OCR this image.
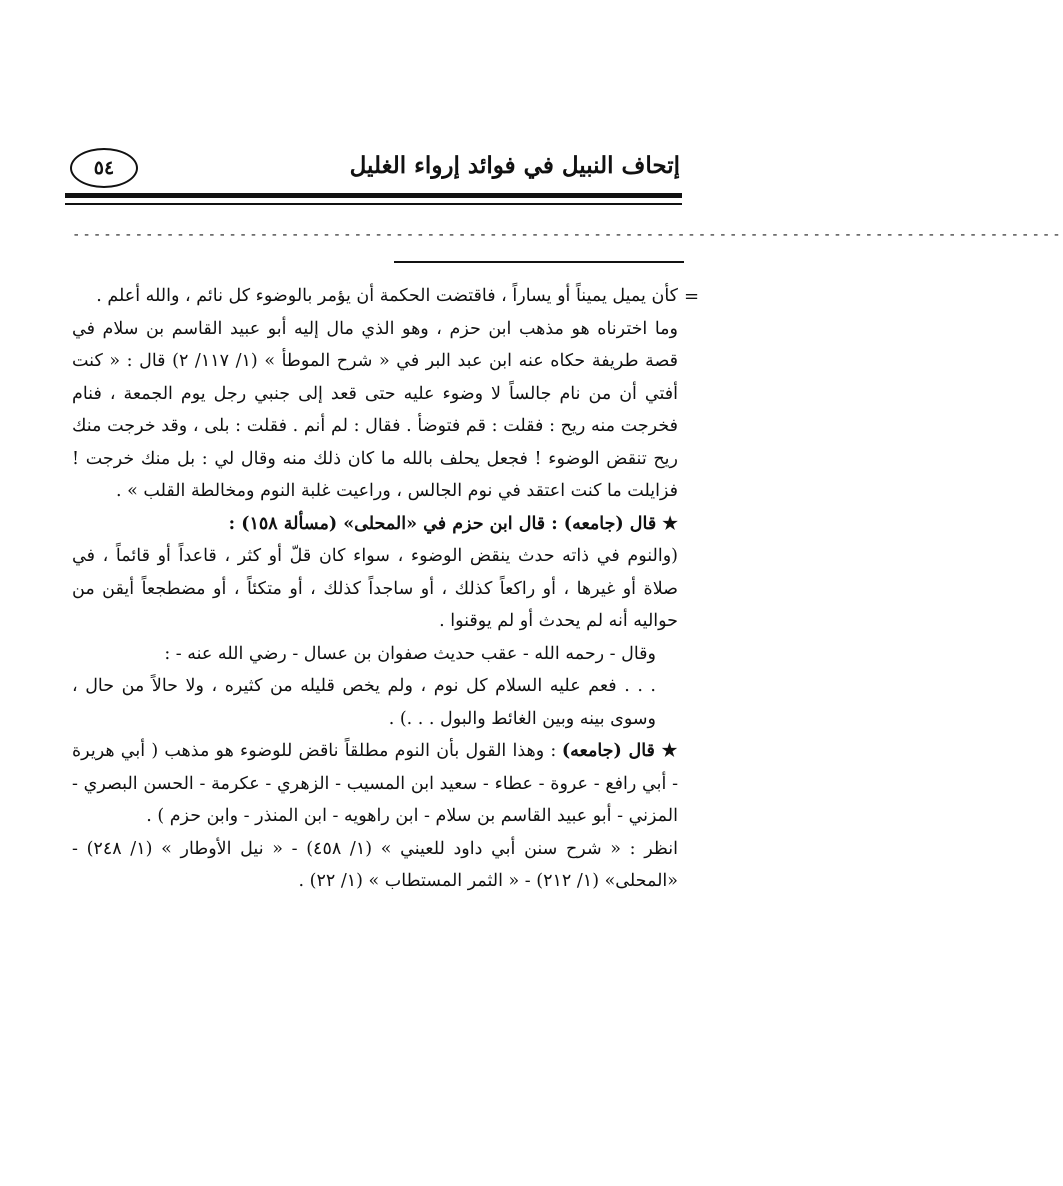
٥٤	إتحاف النبيل في فوائد إرواء الغليل
-----------------------------------------------------------------------------------------------
=

كأن يميل يميناً أو يساراً ، فاقتضت الحكمة أن يؤمر بالوضوء كل نائم ، والله أعلم .

وما اخترناه هو مذهب ابن حزم ، وهو الذي مال إليه أبو عبيد القاسم بن سلام في قصة طريفة حكاه عنه ابن عبد البر في « شرح الموطأ » (١/ ١١٧/ ٢) قال : « كنت أفتي أن من نام جالساً لا وضوء عليه حتى قعد إلى جنبي رجل يوم الجمعة ، فنام فخرجت منه ريح : فقلت : قم فتوضأ . فقال : لم أنم . فقلت : بلى ، وقد خرجت منك ريح تنقض الوضوء ! فجعل يحلف بالله ما كان ذلك منه وقال لي : بل منك خرجت ! فزايلت ما كنت اعتقد في نوم الجالس ، وراعيت غلبة النوم ومخالطة القلب » .

★ قال (جامعه) : قال ابن حزم في «المحلى» (مسألة ١٥٨) :

(والنوم في ذاته حدث ينقض الوضوء ، سواء كان قلّ أو كثر ، قاعداً أو قائماً ، في صلاة أو غيرها ، أو راكعاً كذلك ، أو ساجداً كذلك ، أو متكئاً ، أو مضطجعاً أيقن من حواليه أنه لم يحدث أو لم يوقنوا .

وقال - رحمه الله - عقب حديث صفوان بن عسال - رضي الله عنه - :

. . . فعم عليه السلام كل نوم ، ولم يخص قليله من كثيره ، ولا حالاً من حال ، وسوى بينه وبين الغائط والبول . . .) .

★ قال (جامعه) : وهذا القول بأن النوم مطلقاً ناقض للوضوء هو مذهب ( أبي هريرة - أبي رافع - عروة - عطاء - سعيد ابن المسيب - الزهري - عكرمة - الحسن البصري - المزني - أبو عبيد القاسم بن سلام - ابن راهويه - ابن المنذر - وابن حزم ) .

انظر : « شرح سنن أبي داود للعيني » (١/ ٤٥٨) - « نيل الأوطار » (١/ ٢٤٨) - «المحلى» (١/ ٢١٢) - « الثمر المستطاب » (١/ ٢٢) .
